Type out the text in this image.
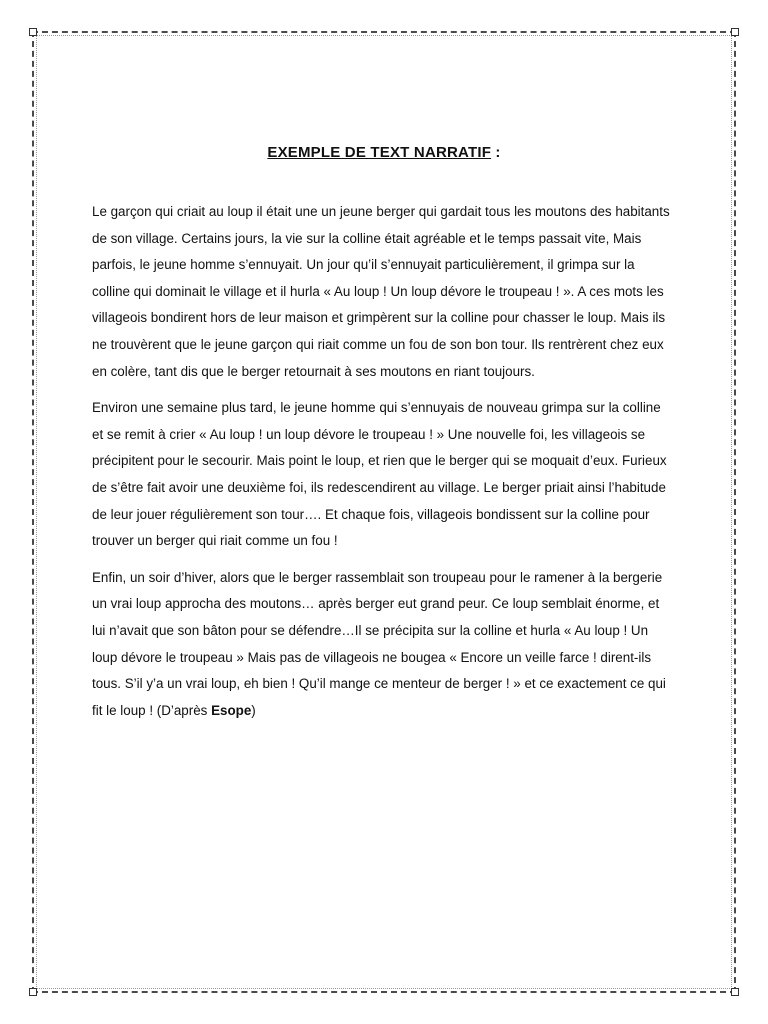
EXEMPLE DE TEXT NARRATIF :

Le garçon qui criait au loup il était une un jeune berger qui gardait tous les moutons des habitants de son village. Certains jours, la vie sur la colline était agréable et le temps passait vite, Mais parfois, le jeune homme s’ennuyait. Un jour qu’il s’ennuyait particulièrement, il grimpa sur la colline qui dominait le village et il hurla « Au loup ! Un loup dévore le troupeau ! ». A ces mots les villageois bondirent hors de leur maison et grimpèrent sur la colline pour chasser le loup. Mais ils ne trouvèrent que le jeune garçon qui riait comme un fou de son bon tour. Ils rentrèrent chez eux en colère, tant dis que le berger retournait à ses moutons en riant toujours.

Environ une semaine plus tard, le jeune homme qui s’ennuyais de nouveau grimpa sur la colline et se remit à crier « Au loup ! un loup dévore le troupeau ! » Une nouvelle foi, les villageois se précipitent pour le secourir. Mais point le loup, et rien que le berger qui se moquait d’eux. Furieux de s’être fait avoir une deuxième foi, ils redescendirent au village. Le berger priait ainsi l’habitude de leur jouer régulièrement son tour…. Et chaque fois, villageois bondissent sur la colline pour trouver un berger qui riait comme un fou !

Enfin, un soir d’hiver, alors que le berger rassemblait son troupeau pour le ramener à la bergerie un vrai loup approcha des moutons… après berger eut grand peur. Ce loup semblait énorme, et lui n’avait que son bâton pour se défendre…Il se précipita sur la colline et hurla « Au loup ! Un loup dévore le troupeau » Mais pas de villageois ne bougea « Encore un veille farce ! dirent-ils tous. S’il y’a un vrai loup, eh bien ! Qu’il mange ce menteur de berger ! » et ce exactement ce qui fit le loup ! (D’après Esope)
